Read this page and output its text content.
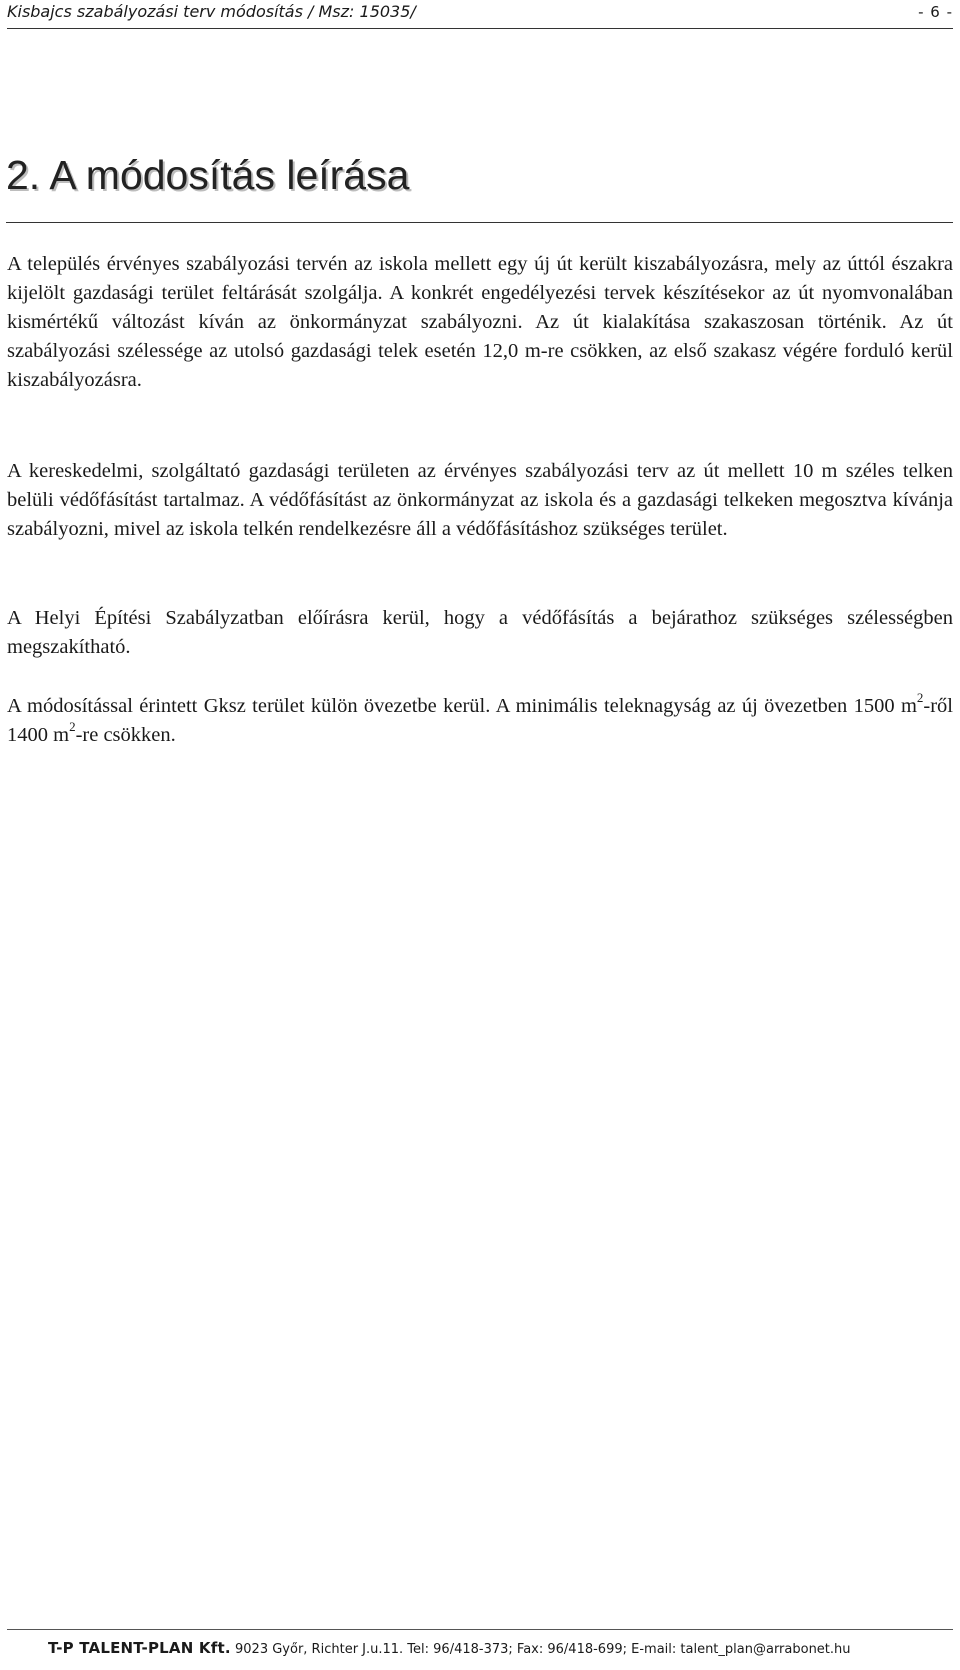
Kisbajcs szabályozási terv módosítás / Msz: 15035/	- 6 -
2. A módosítás leírása

A település érvényes szabályozási tervén az iskola mellett egy új út került kiszabályozásra, mely az úttól északra kijelölt gazdasági terület feltárását szolgálja. A konkrét engedélyezési tervek készítésekor az út nyomvonalában kismértékű változást kíván az önkormányzat szabályozni. Az út kialakítása szakaszosan történik. Az út szabályozási szélessége az utolsó gazdasági telek esetén 12,0 m-re csökken, az első szakasz végére forduló kerül kiszabályozásra.

A kereskedelmi, szolgáltató gazdasági területen az érvényes szabályozási terv az út mellett 10 m széles telken belüli védőfásítást tartalmaz. A védőfásítást az önkormányzat az iskola és a gazdasági telkeken megosztva kívánja szabályozni, mivel az iskola telkén rendelkezésre áll a védőfásításhoz szükséges terület.

A Helyi Építési Szabályzatban előírásra kerül, hogy a védőfásítás a bejárathoz szükséges szélességben megszakítható.

A módosítással érintett Gksz terület külön övezetbe kerül. A minimális teleknagyság az új övezetben 1500 $m^2$-ről 1400 $m^2-re$ csökken.

T-P TALENT-PLAN Kft. 9023 Győr, Richter J.u.11. Tel: 96/418-373; Fax: 96/418-699; E-mail: talent_plan@arrabonet.hu
